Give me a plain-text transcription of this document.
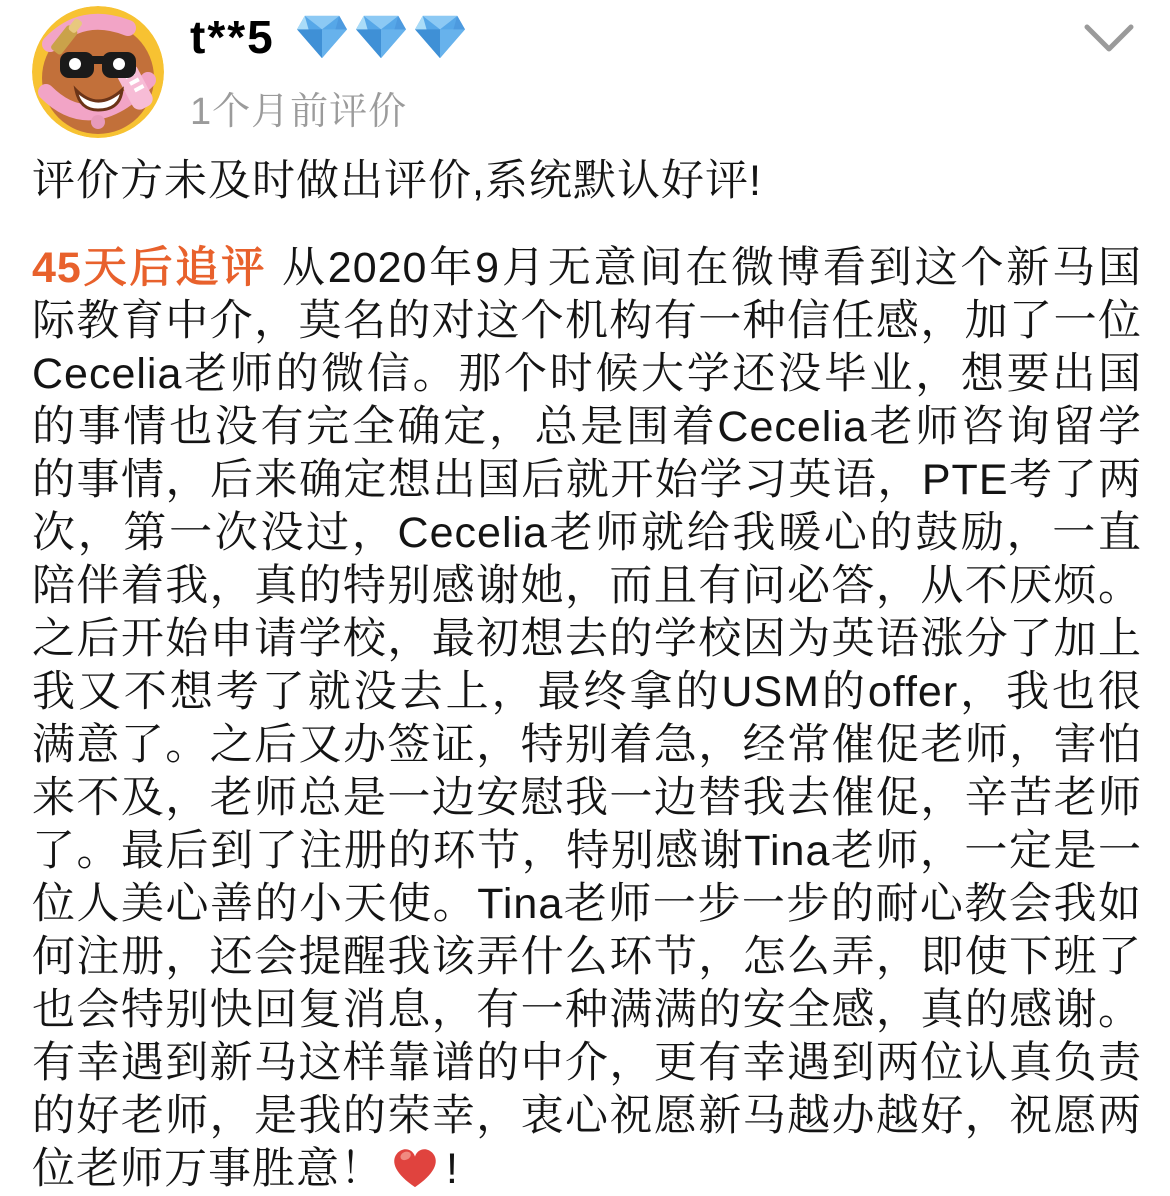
t**5
1个月前评价

评价方未及时做出评价,系统默认好评!

45天后追评 从2020年9月无意间在微博看到这个新马国际教育中介，莫名的对这个机构有一种信任感，加了一位Cecelia老师的微信。那个时候大学还没毕业，想要出国的事情也没有完全确定，总是围着Cecelia老师咨询留学的事情，后来确定想出国后就开始学习英语，PTE考了两次，第一次没过，Cecelia老师就给我暖心的鼓励，一直陪伴着我，真的特别感谢她，而且有问必答，从不厌烦。之后开始申请学校，最初想去的学校因为英语涨分了加上我又不想考了就没去上，最终拿的USM的offer，我也很满意了。之后又办签证，特别着急，经常催促老师，害怕来不及，老师总是一边安慰我一边替我去催促，辛苦老师了。最后到了注册的环节，特别感谢Tina老师，一定是一位人美心善的小天使。Tina老师一步一步的耐心教会我如何注册，还会提醒我该弄什么环节，怎么弄，即使下班了也会特别快回复消息，有一种满满的安全感，真的感谢。有幸遇到新马这样靠谱的中介，更有幸遇到两位认真负责的好老师，是我的荣幸，衷心祝愿新马越办越好，祝愿两位老师万事胜意！ !
